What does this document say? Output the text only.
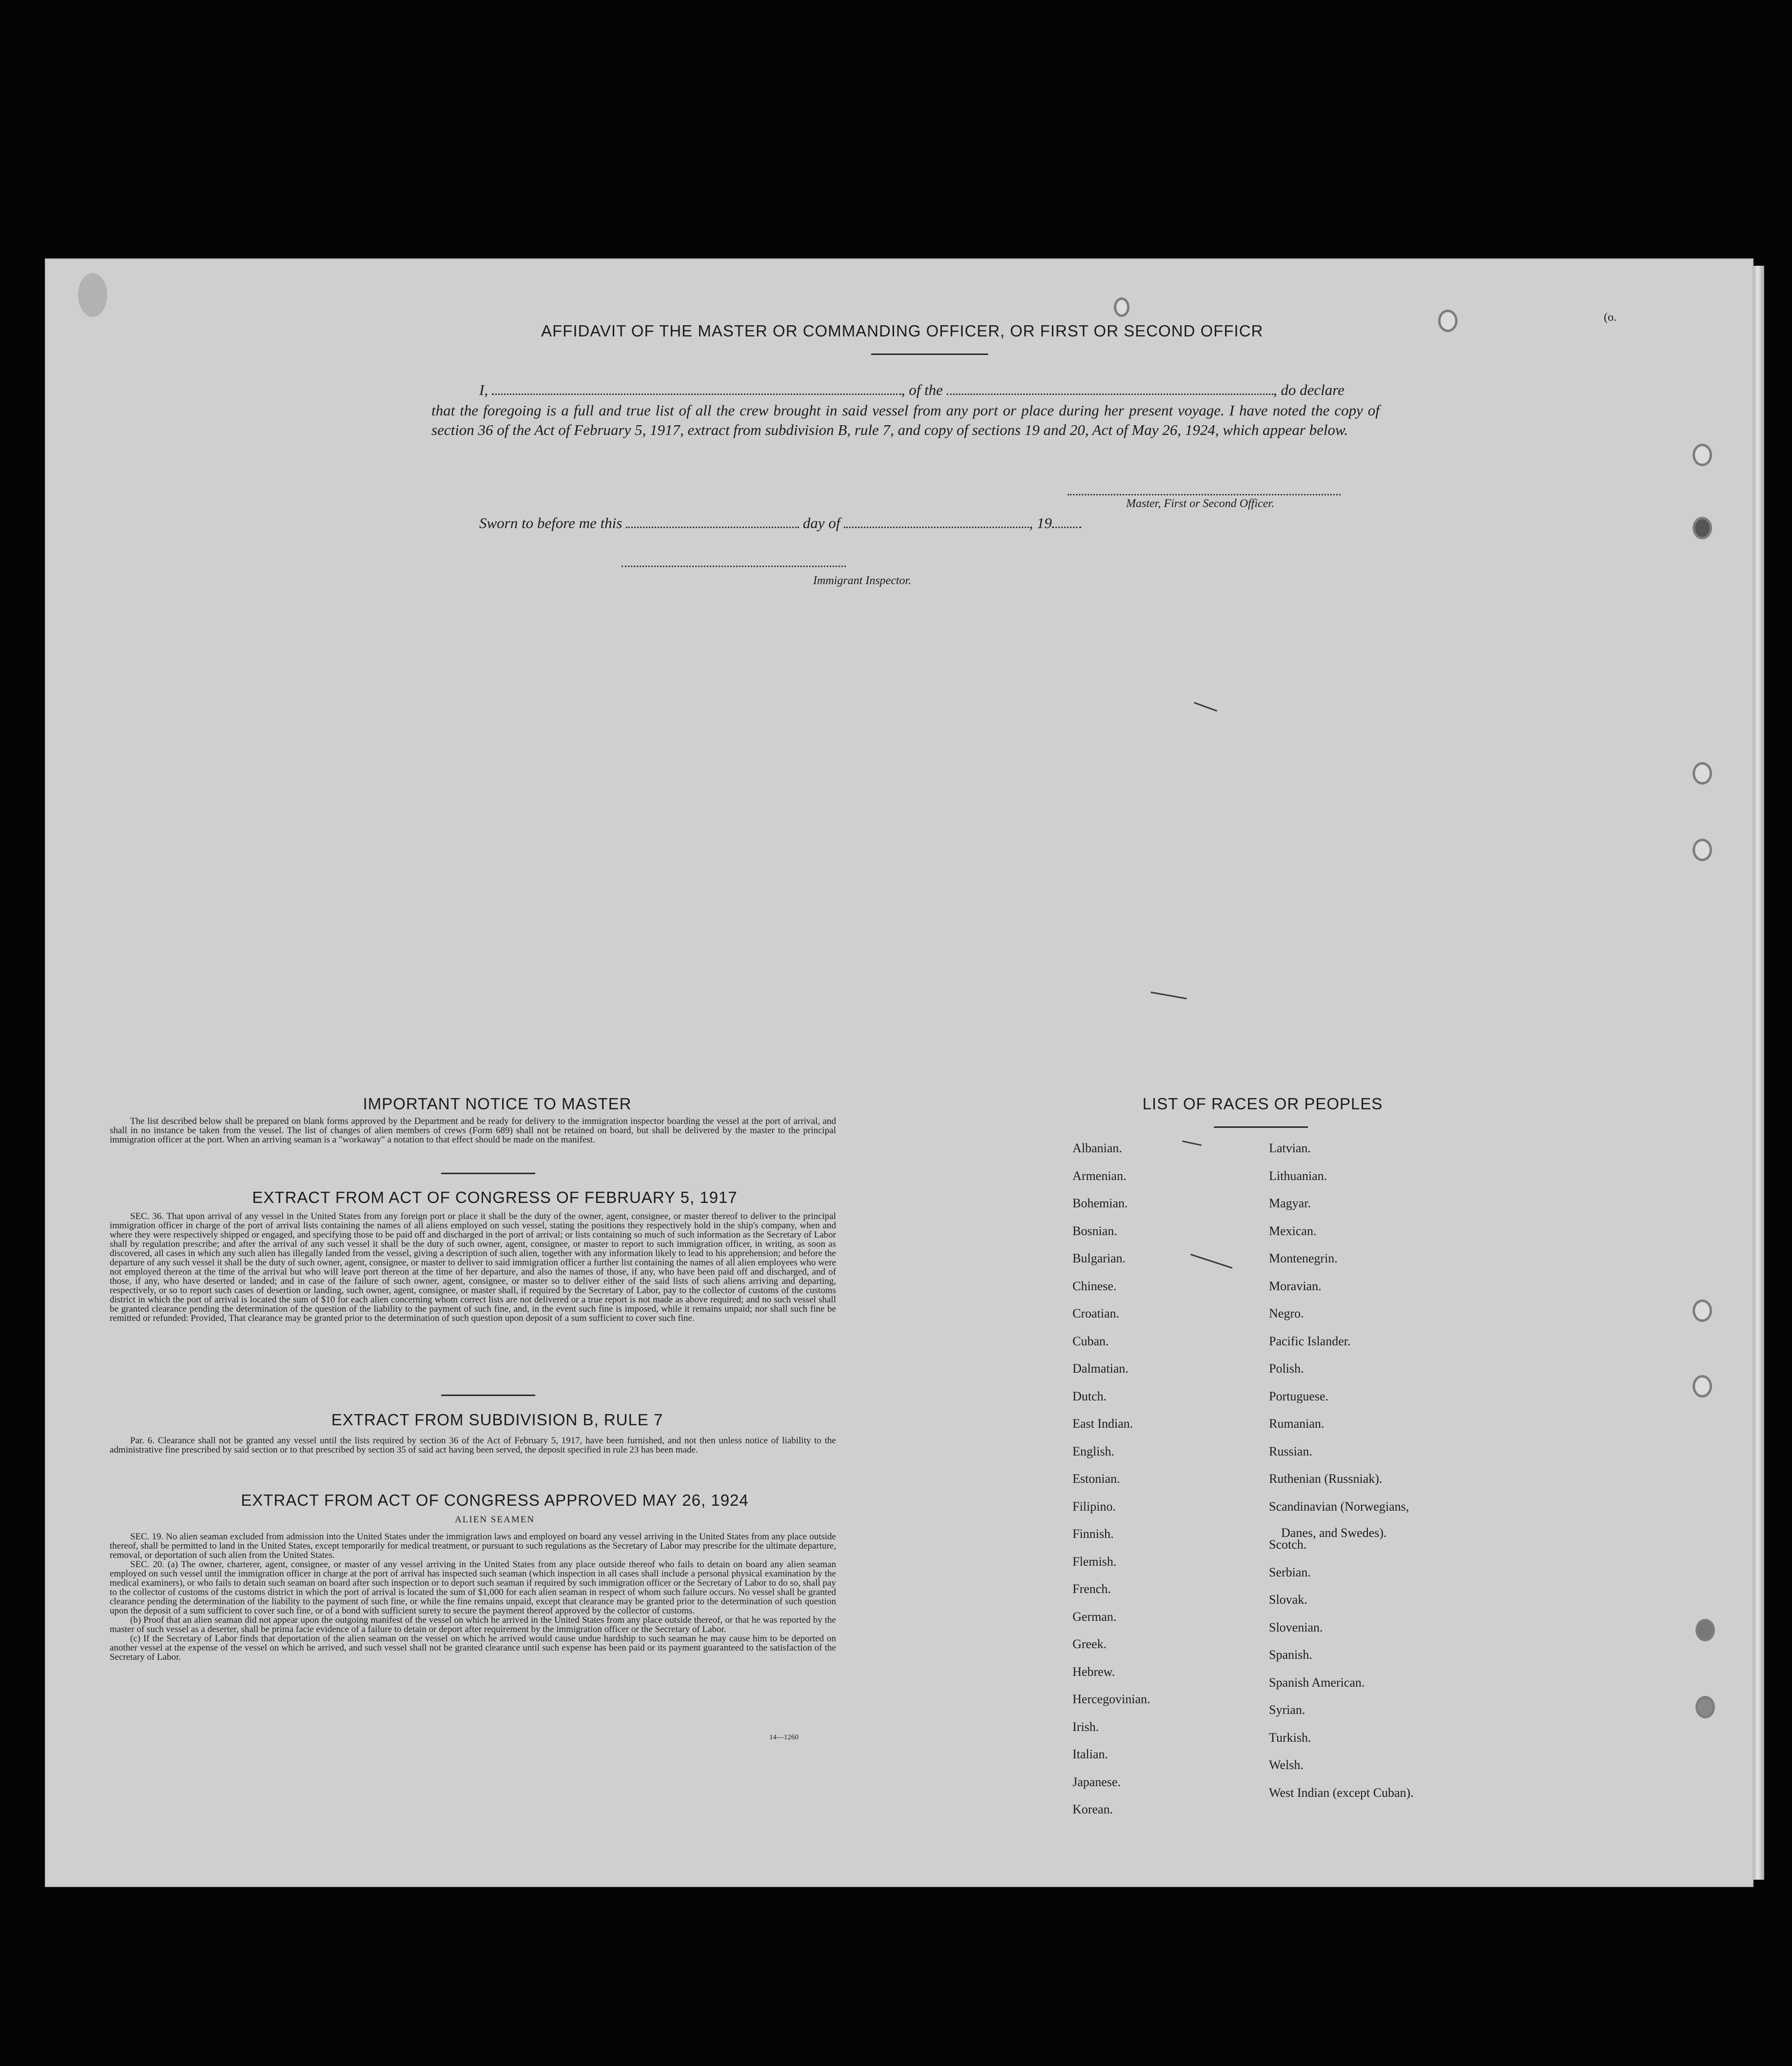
(o.
AFFIDAVIT OF THE MASTER OR COMMANDING OFFICER, OR FIRST OR SECOND OFFICR
I,	, of the	, do declare
that the foregoing is a full and true list of all the crew brought in said vessel from any port or place during her present voyage. I have noted the copy of section 36 of the Act of February 5, 1917, extract from subdivision B, rule 7, and copy of sections 19 and 20, Act of May 26, 1924, which appear below.
Master, First or Second Officer.
Sworn to before me this	day of	, 19
Immigrant Inspector.
IMPORTANT NOTICE TO MASTER

The list described below shall be prepared on blank forms approved by the Department and be ready for delivery to the immigration inspector boarding the vessel at the port of arrival, and shall in no instance be taken from the vessel. The list of changes of alien members of crews (Form 689) shall not be retained on board, but shall be delivered by the master to the principal immigration officer at the port. When an arriving seaman is a "workaway" a notation to that effect should be made on the manifest.

EXTRACT FROM ACT OF CONGRESS OF FEBRUARY 5, 1917

SEC. 36. That upon arrival of any vessel in the United States from any foreign port or place it shall be the duty of the owner, agent, consignee, or master thereof to deliver to the principal immigration officer in charge of the port of arrival lists containing the names of all aliens employed on such vessel, stating the positions they respectively hold in the ship's company, when and where they were respectively shipped or engaged, and specifying those to be paid off and discharged in the port of arrival; or lists containing so much of such information as the Secretary of Labor shall by regulation prescribe; and after the arrival of any such vessel it shall be the duty of such owner, agent, consignee, or master to report to such immigration officer, in writing, as soon as discovered, all cases in which any such alien has illegally landed from the vessel, giving a description of such alien, together with any information likely to lead to his apprehension; and before the departure of any such vessel it shall be the duty of such owner, agent, consignee, or master to deliver to said immigration officer a further list containing the names of all alien employees who were not employed thereon at the time of the arrival but who will leave port thereon at the time of her departure, and also the names of those, if any, who have been paid off and discharged, and of those, if any, who have deserted or landed; and in case of the failure of such owner, agent, consignee, or master so to deliver either of the said lists of such aliens arriving and departing, respectively, or so to report such cases of desertion or landing, such owner, agent, consignee, or master shall, if required by the Secretary of Labor, pay to the collector of customs of the customs district in which the port of arrival is located the sum of $10 for each alien concerning whom correct lists are not delivered or a true report is not made as above required; and no such vessel shall be granted clearance pending the determination of the question of the liability to the payment of such fine, and, in the event such fine is imposed, while it remains unpaid; nor shall such fine be remitted or refunded: Provided, That clearance may be granted prior to the determination of such question upon deposit of a sum sufficient to cover such fine.

EXTRACT FROM SUBDIVISION B, RULE 7

Par. 6. Clearance shall not be granted any vessel until the lists required by section 36 of the Act of February 5, 1917, have been furnished, and not then unless notice of liability to the administrative fine prescribed by said section or to that prescribed by section 35 of said act having been served, the deposit specified in rule 23 has been made.

EXTRACT FROM ACT OF CONGRESS APPROVED MAY 26, 1924
ALIEN SEAMEN

SEC. 19. No alien seaman excluded from admission into the United States under the immigration laws and employed on board any vessel arriving in the United States from any place outside thereof, shall be permitted to land in the United States, except temporarily for medical treatment, or pursuant to such regulations as the Secretary of Labor may prescribe for the ultimate departure, removal, or deportation of such alien from the United States.

SEC. 20. (a) The owner, charterer, agent, consignee, or master of any vessel arriving in the United States from any place outside thereof who fails to detain on board any alien seaman employed on such vessel until the immigration officer in charge at the port of arrival has inspected such seaman (which inspection in all cases shall include a personal physical examination by the medical examiners), or who fails to detain such seaman on board after such inspection or to deport such seaman if required by such immigration officer or the Secretary of Labor to do so, shall pay to the collector of customs of the customs district in which the port of arrival is located the sum of $1,000 for each alien seaman in respect of whom such failure occurs. No vessel shall be granted clearance pending the determination of the liability to the payment of such fine, or while the fine remains unpaid, except that clearance may be granted prior to the determination of such question upon the deposit of a sum sufficient to cover such fine, or of a bond with sufficient surety to secure the payment thereof approved by the collector of customs.

(b) Proof that an alien seaman did not appear upon the outgoing manifest of the vessel on which he arrived in the United States from any place outside thereof, or that he was reported by the master of such vessel as a deserter, shall be prima facie evidence of a failure to detain or deport after requirement by the immigration officer or the Secretary of Labor.

(c) If the Secretary of Labor finds that deportation of the alien seaman on the vessel on which he arrived would cause undue hardship to such seaman he may cause him to be deported on another vessel at the expense of the vessel on which he arrived, and such vessel shall not be granted clearance until such expense has been paid or its payment guaranteed to the satisfaction of the Secretary of Labor.

14—1260
LIST OF RACES OR PEOPLES
Albanian.
Armenian.
Bohemian.
Bosnian.
Bulgarian.
Chinese.
Croatian.
Cuban.
Dalmatian.
Dutch.
East Indian.
English.
Estonian.
Filipino.
Finnish.
Flemish.
French.
German.
Greek.
Hebrew.
Hercegovinian.
Irish.
Italian.
Japanese.
Korean.
Latvian.
Lithuanian.
Magyar.
Mexican.
Montenegrin.
Moravian.
Negro.
Pacific Islander.
Polish.
Portuguese.
Rumanian.
Russian.
Ruthenian (Russniak).
Scandinavian (Norwegians,
Danes, and Swedes).
Scotch.
Serbian.
Slovak.
Slovenian.
Spanish.
Spanish American.
Syrian.
Turkish.
Welsh.
West Indian (except Cuban).
